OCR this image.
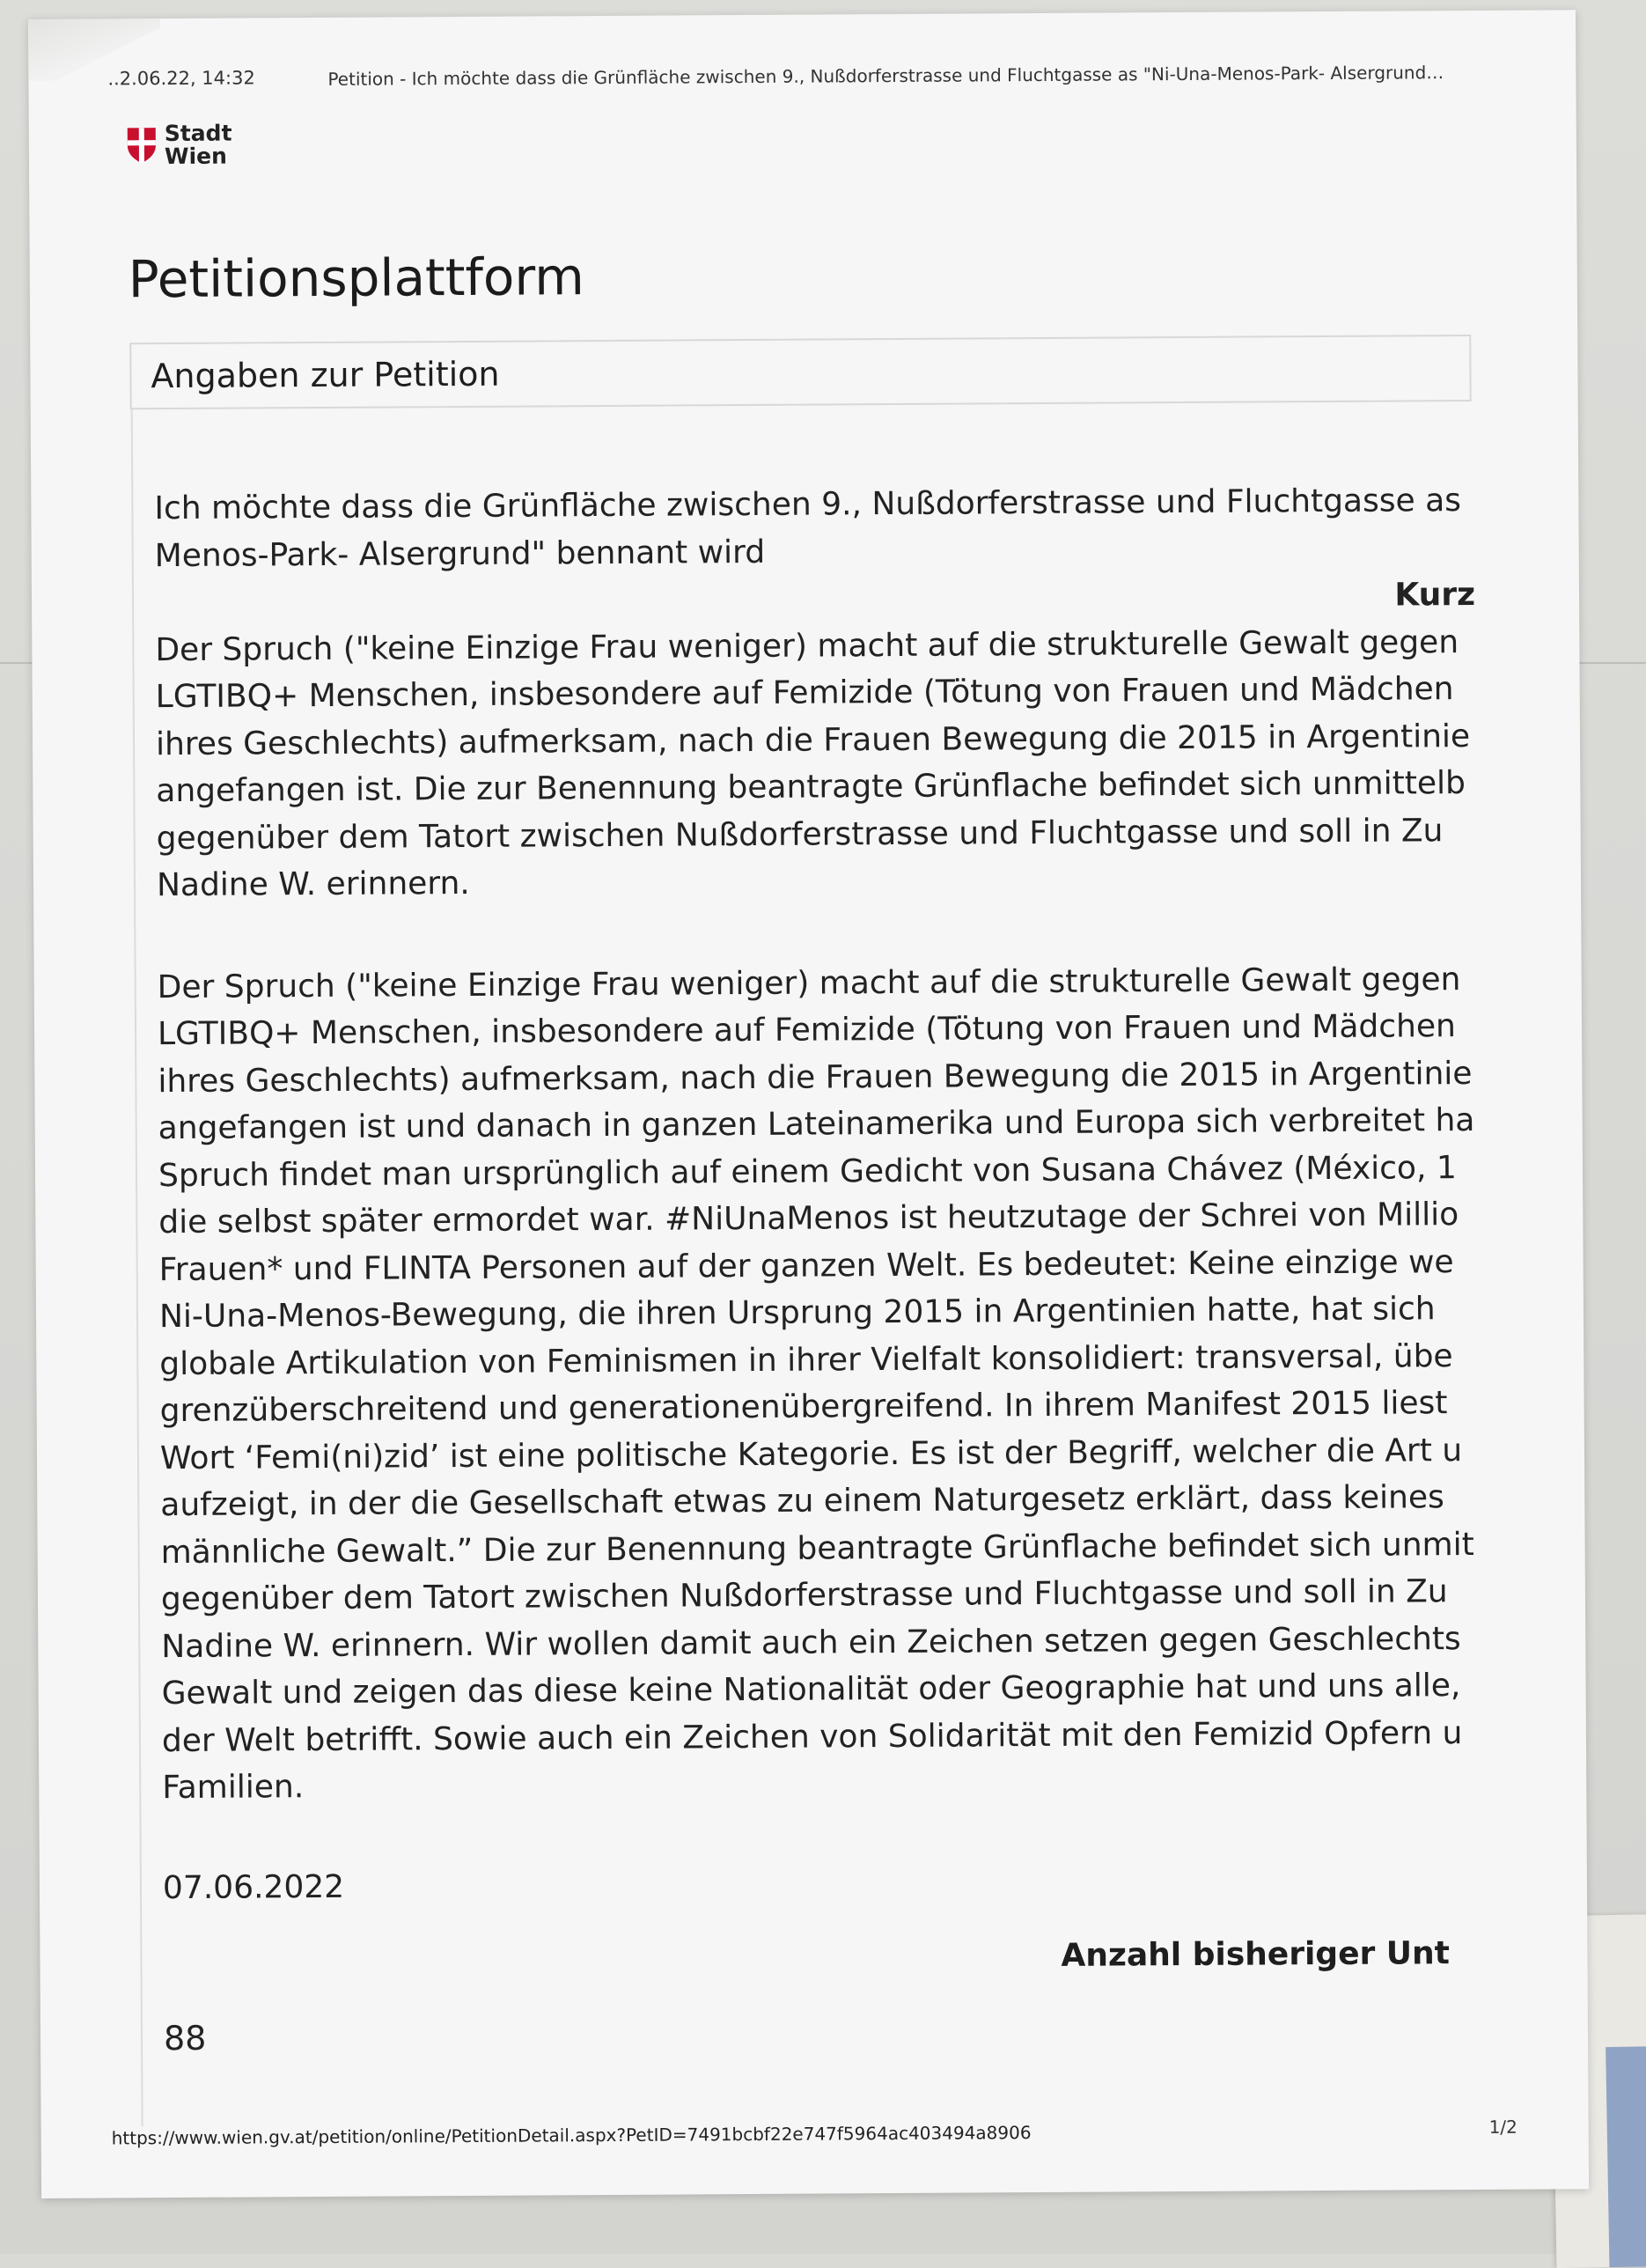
..2.06.22, 14:32	Petition - Ich möchte dass die Grünfläche zwischen 9., Nußdorferstrasse und Fluchtgasse as "Ni-Una-Menos-Park- Alsergrund…
Stadt
Wien
Petitionsplattform
Angaben zur Petition
Ich möchte dass die Grünfläche zwischen 9., Nußdorferstrasse und Fluchtgasse as
Menos-Park- Alsergrund" bennant wird
Kurz
Der Spruch ("keine Einzige Frau weniger) macht auf die strukturelle Gewalt gegen
LGTIBQ+ Menschen, insbesondere auf Femizide (Tötung von Frauen und Mädchen
ihres Geschlechts) aufmerksam, nach die Frauen Bewegung die 2015 in Argentinie
angefangen ist. Die zur Benennung beantragte Grünflache befindet sich unmittelb
gegenüber dem Tatort zwischen Nußdorferstrasse und Fluchtgasse und soll in Zu
Nadine W. erinnern.
Der Spruch ("keine Einzige Frau weniger) macht auf die strukturelle Gewalt gegen
LGTIBQ+ Menschen, insbesondere auf Femizide (Tötung von Frauen und Mädchen
ihres Geschlechts) aufmerksam, nach die Frauen Bewegung die 2015 in Argentinie
angefangen ist und danach in ganzen Lateinamerika und Europa sich verbreitet ha
Spruch findet man ursprünglich auf einem Gedicht von Susana Chávez (México, 1
die selbst später ermordet war. #NiUnaMenos ist heutzutage der Schrei von Millio
Frauen* und FLINTA Personen auf der ganzen Welt. Es bedeutet: Keine einzige we
Ni-Una-Menos-Bewegung, die ihren Ursprung 2015 in Argentinien hatte, hat sich
globale Artikulation von Feminismen in ihrer Vielfalt konsolidiert: transversal, übe
grenzüberschreitend und generationenübergreifend. In ihrem Manifest 2015 liest
Wort ‘Femi(ni)zid’ ist eine politische Kategorie. Es ist der Begriff, welcher die Art u
aufzeigt, in der die Gesellschaft etwas zu einem Naturgesetz erklärt, dass keines
männliche Gewalt.” Die zur Benennung beantragte Grünflache befindet sich unmit
gegenüber dem Tatort zwischen Nußdorferstrasse und Fluchtgasse und soll in Zu
Nadine W. erinnern. Wir wollen damit auch ein Zeichen setzen gegen Geschlechts
Gewalt und zeigen das diese keine Nationalität oder Geographie hat und uns alle,
der Welt betrifft. Sowie auch ein Zeichen von Solidarität mit den Femizid Opfern u
Familien.
07.06.2022
Anzahl bisheriger Unt
88
https://www.wien.gv.at/petition/online/PetitionDetail.aspx?PetID=7491bcbf22e747f5964ac403494a8906	1/2
